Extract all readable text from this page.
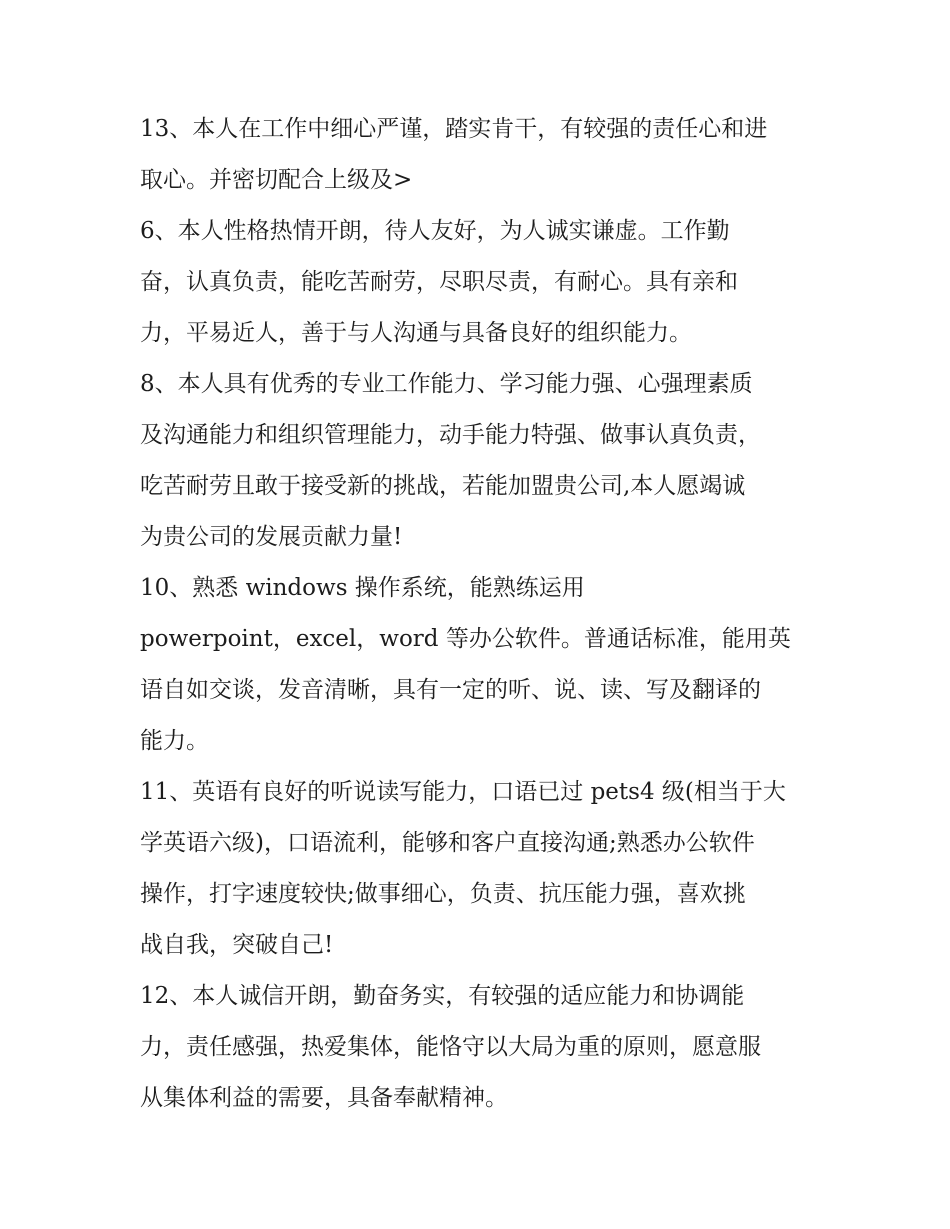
13、本人在工作中细心严谨，踏实肯干，有较强的责任心和进

取心。并密切配合上级及>

6、本人性格热情开朗，待人友好，为人诚实谦虚。工作勤

奋，认真负责，能吃苦耐劳，尽职尽责，有耐心。具有亲和

力，平易近人，善于与人沟通与具备良好的组织能力。

8、本人具有优秀的专业工作能力、学习能力强、心强理素质

及沟通能力和组织管理能力，动手能力特强、做事认真负责，

吃苦耐劳且敢于接受新的挑战，若能加盟贵公司,本人愿竭诚

为贵公司的发展贡献力量!

10、熟悉 windows 操作系统，能熟练运用

powerpoint，excel，word 等办公软件。普通话标准，能用英

语自如交谈，发音清晰，具有一定的听、说、读、写及翻译的

能力。

11、英语有良好的听说读写能力，口语已过 pets4 级(相当于大

学英语六级)，口语流利，能够和客户直接沟通;熟悉办公软件

操作，打字速度较快;做事细心，负责、抗压能力强，喜欢挑

战自我，突破自己!

12、本人诚信开朗，勤奋务实，有较强的适应能力和协调能

力，责任感强，热爱集体，能恪守以大局为重的原则，愿意服

从集体利益的需要，具备奉献精神。
